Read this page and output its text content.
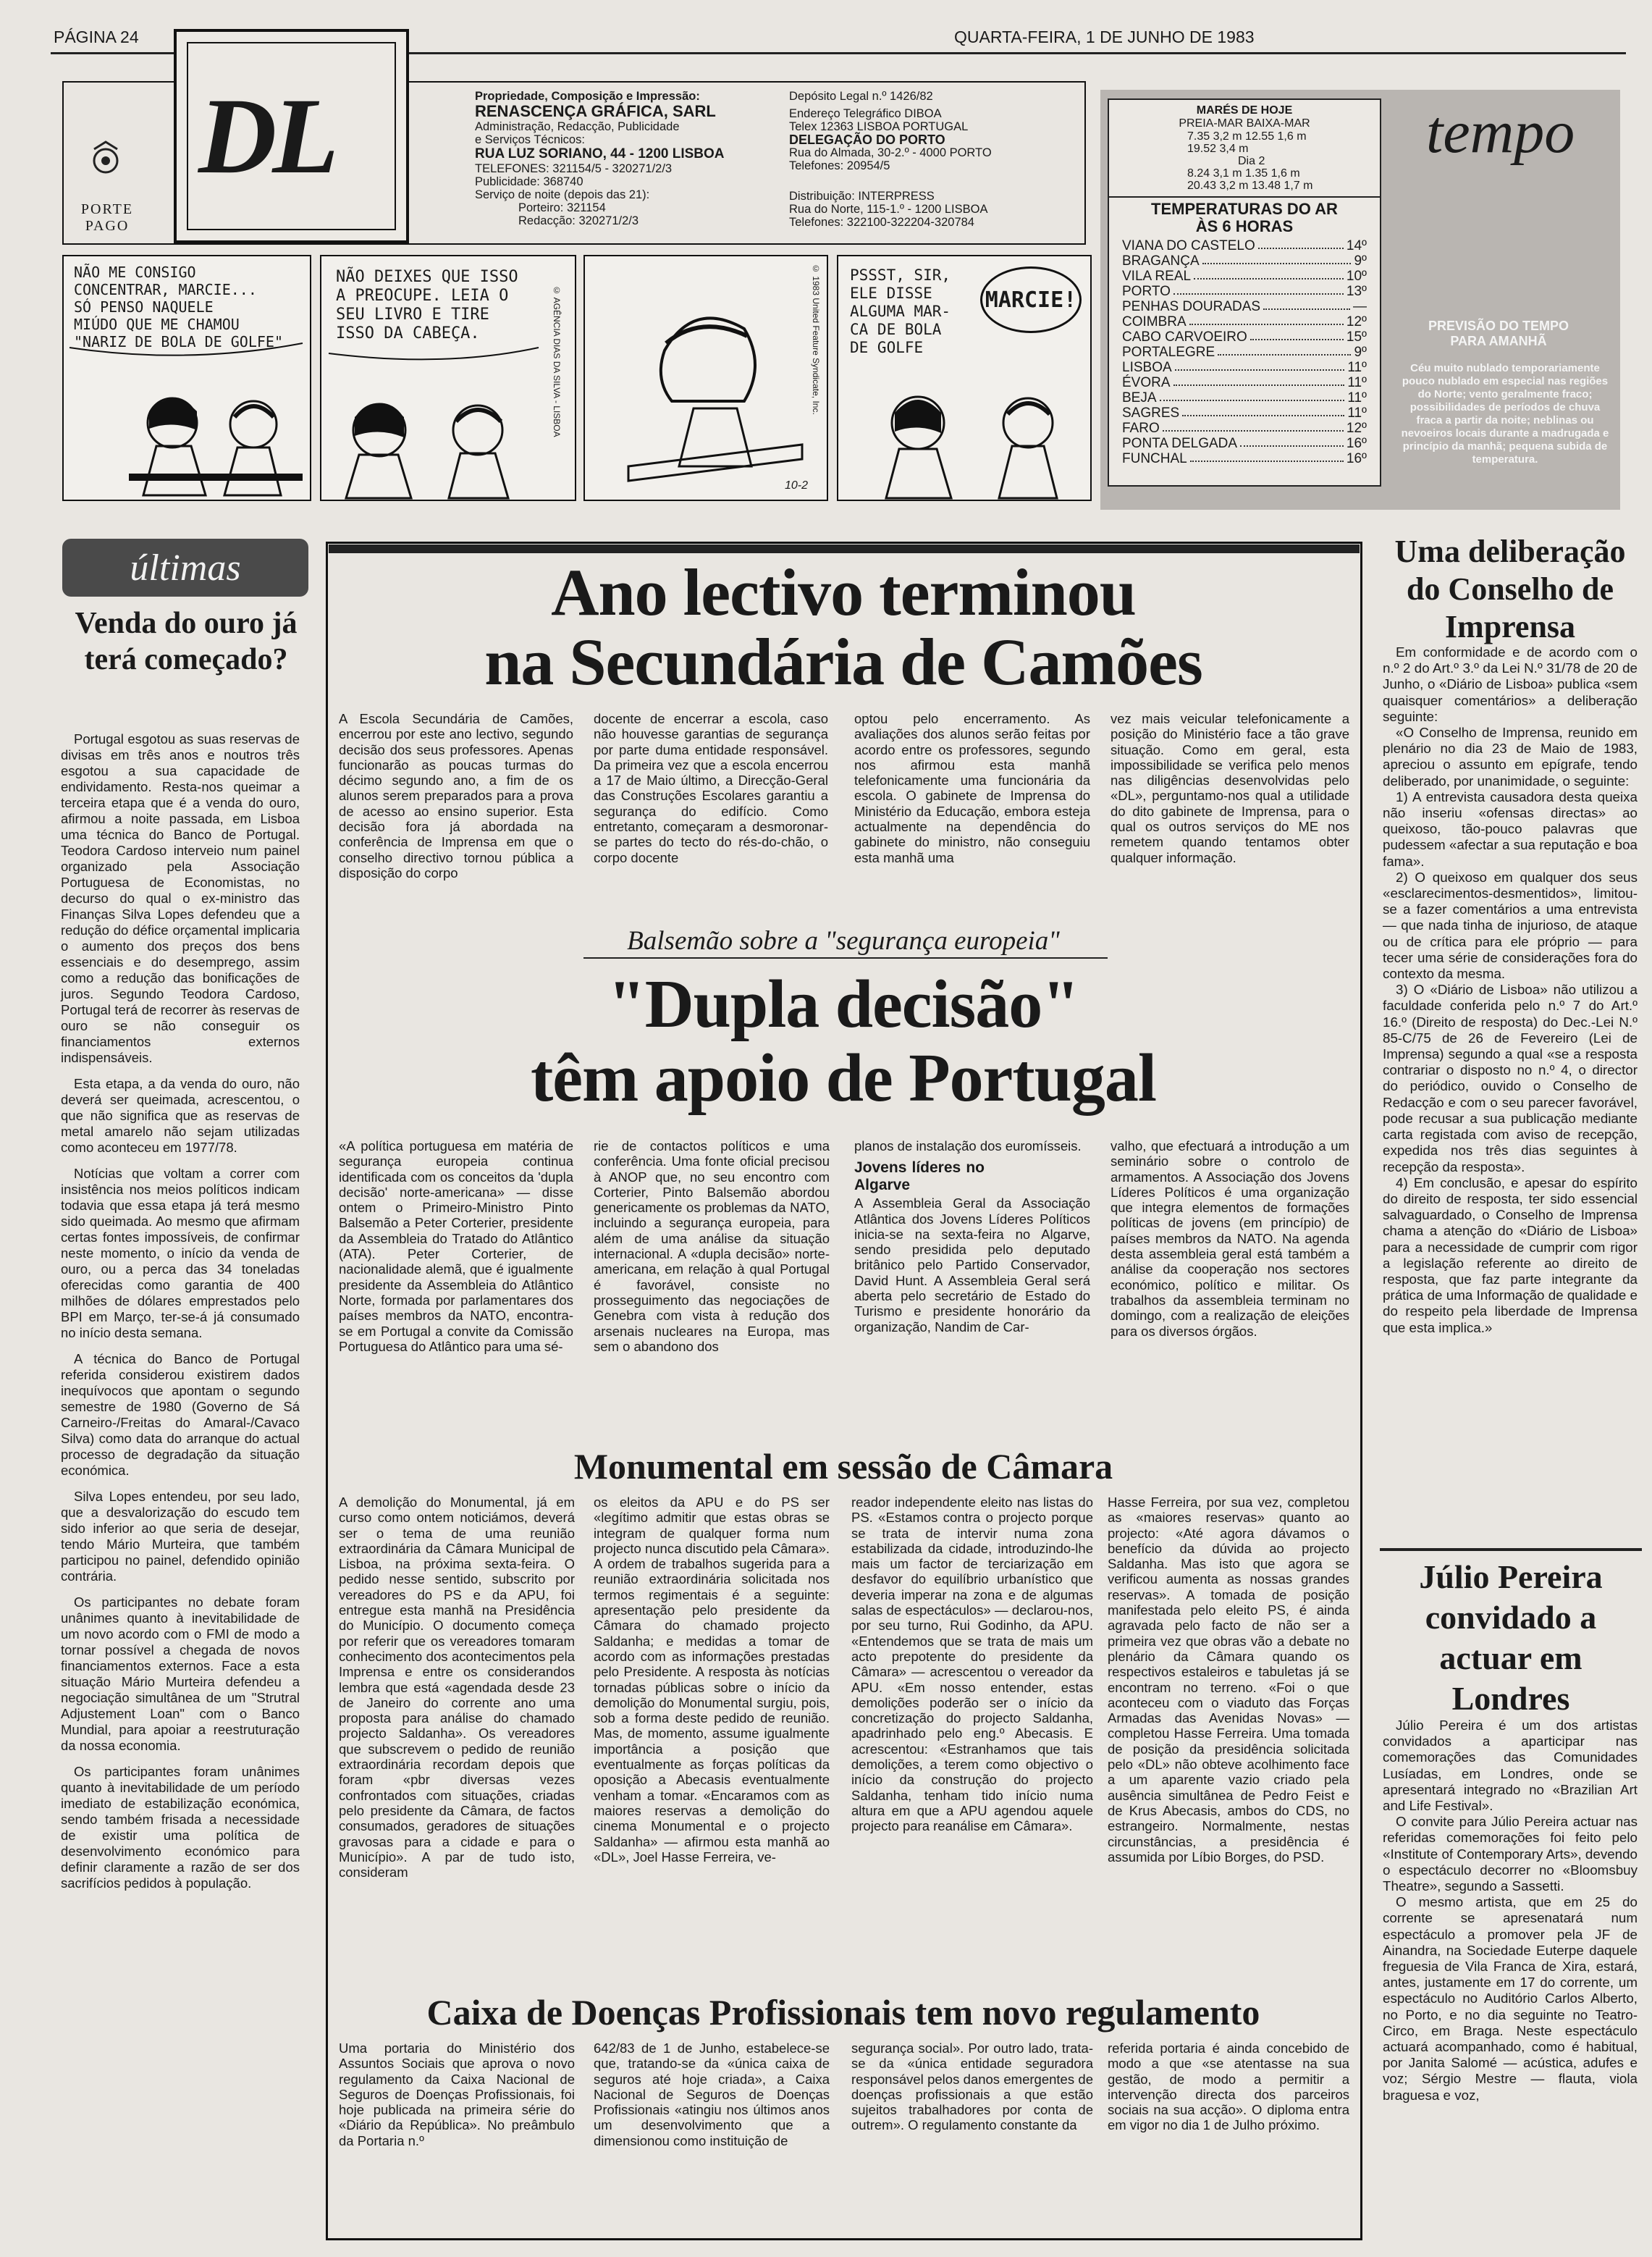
PÁGINA 24	QUARTA-FEIRA, 1 DE JUNHO DE 1983
DL
PORTE
PAGO
Propriedade, Composição e Impressão:
RENASCENÇA GRÁFICA, SARL
Administração, Redacção, Publicidade
e Serviços Técnicos:
RUA LUZ SORIANO, 44 - 1200 LISBOA
TELEFONES: 321154/5 - 320271/2/3
Publicidade: 368740
Serviço de noite (depois das 21):
Porteiro: 321154
Redacção: 320271/2/3
Depósito Legal n.º 1426/82
Endereço Telegráfico DIBOA
Telex 12363 LISBOA PORTUGAL
DELEGAÇÃO DO PORTO
Rua do Almada, 30-2.º - 4000 PORTO
Telefones: 20954/5
Distribuição: INTERPRESS
Rua do Norte, 115-1.º - 1200 LISBOA
Telefones: 322100-322204-320784
NÃO ME CONSIGO
CONCENTRAR, MARCIE...
SÓ PENSO NAQUELE
MIÚDO QUE ME CHAMOU
"NARIZ DE BOLA DE GOLFE"
NÃO DEIXES QUE ISSO
A PREOCUPE. LEIA O
SEU LIVRO E TIRE
ISSO DA CABEÇA.	© AGÊNCIA DIAS DA SILVA - LISBOA	© 1983 United Feature Syndicate, Inc.
10-2
PSSST, SIR,
ELE DISSE
ALGUMA MAR-
CA DE BOLA
DE GOLFE
MARCIE!
MARÉS DE HOJE
PREIA-MAR BAIXA-MAR
7.35 3,2 m 12.55 1,6 m
19.52 3,4 m
Dia 2
8.24 3,1 m 1.35 1,6 m
20.43 3,2 m 13.48 1,7 m
TEMPERATURAS DO AR
ÀS 6 HORAS
VIANA DO CASTELO	14º
BRAGANÇA	9º
VILA REAL	10º
PORTO	13º
PENHAS DOURADAS	—
COIMBRA	12º
CABO CARVOEIRO	15º
PORTALEGRE	9º
LISBOA	11º
ÉVORA	11º
BEJA	11º
SAGRES	11º
FARO	12º
PONTA DELGADA	16º
FUNCHAL	16º
tempo
PREVISÃO DO TEMPO PARA AMANHÃ
Céu muito nublado temporariamente pouco nublado em especial nas regiões do Norte; vento geralmente fraco; possibilidades de períodos de chuva fraca a partir da noite; neblinas ou nevoeiros locais durante a madrugada e princípio da manhã; pequena subida de temperatura.
últimas
Venda do ouro já terá começado?

Portugal esgotou as suas reservas de divisas em três anos e noutros três esgotou a sua capacidade de endividamento. Resta-nos queimar a terceira etapa que é a venda do ouro, afirmou a noite passada, em Lisboa uma técnica do Banco de Portugal. Teodora Cardoso interveio num painel organizado pela Associação Portuguesa de Economistas, no decurso do qual o ex-ministro das Finanças Silva Lopes defendeu que a redução do défice orçamental implicaria o aumento dos preços dos bens essenciais e do desemprego, assim como a redução das bonificações de juros. Segundo Teodora Cardoso, Portugal terá de recorrer às reservas de ouro se não conseguir os financiamentos externos indispensáveis.

Esta etapa, a da venda do ouro, não deverá ser queimada, acrescentou, o que não significa que as reservas de metal amarelo não sejam utilizadas como aconteceu em 1977/78.

Notícias que voltam a correr com insistência nos meios políticos indicam todavia que essa etapa já terá mesmo sido queimada. Ao mesmo que afirmam certas fontes impossíveis, de confirmar neste momento, o início da venda de ouro, ou a perca das 34 toneladas oferecidas como garantia de 400 milhões de dólares emprestados pelo BPI em Março, ter-se-á já consumado no início desta semana.

A técnica do Banco de Portugal referida considerou existirem dados inequívocos que apontam o segundo semestre de 1980 (Governo de Sá Carneiro-/Freitas do Amaral-/Cavaco Silva) como data do arranque do actual processo de degradação da situação económica.

Silva Lopes entendeu, por seu lado, que a desvalorização do escudo tem sido inferior ao que seria de desejar, tendo Mário Murteira, que também participou no painel, defendido opinião contrária.

Os participantes no debate foram unânimes quanto à inevitabilidade de um novo acordo com o FMI de modo a tornar possível a chegada de novos financiamentos externos. Face a esta situação Mário Murteira defendeu a negociação simultânea de um "Strutral Adjustement Loan" com o Banco Mundial, para apoiar a reestruturação da nossa economia.

Os participantes foram unânimes quanto à inevitabilidade de um período imediato de estabilização económica, sendo também frisada a necessidade de existir uma política de desenvolvimento económico para definir claramente a razão de ser dos sacrifícios pedidos à população.

Ano lectivo terminou
na Secundária de Camões
A Escola Secundária de Camões, encerrou por este ano lectivo, segundo decisão dos seus professores. Apenas funcionarão as poucas turmas do décimo segundo ano, a fim de os alunos serem preparados para a prova de acesso ao ensino superior. Esta decisão fora já abordada na conferência de Imprensa em que o conselho directivo tornou pública a disposição do corpo
docente de encerrar a escola, caso não houvesse garantias de segurança por parte duma entidade responsável. Da primeira vez que a escola encerrou a 17 de Maio último, a Direcção-Geral das Construções Escolares garantiu a segurança do edifício. Como entretanto, começaram a desmoronar-se partes do tecto do rés-do-chão, o corpo docente
optou pelo encerramento. As avaliações dos alunos serão feitas por acordo entre os professores, segundo nos afirmou esta manhã telefonicamente uma funcionária da escola. O gabinete de Imprensa do Ministério da Educação, embora esteja actualmente na dependência do gabinete do ministro, não conseguiu esta manhã uma
vez mais veicular telefonicamente a posição do Ministério face a tão grave situação. Como em geral, esta impossibilidade se verifica pelo menos nas diligências desenvolvidas pelo «DL», perguntamo-nos qual a utilidade do dito gabinete de Imprensa, para o qual os outros serviços do ME nos remetem quando tentamos obter qualquer informação.
Balsemão sobre a "segurança europeia"
"Dupla decisão"
têm apoio de Portugal
«A política portuguesa em matéria de segurança europeia continua identificada com os conceitos da 'dupla decisão' norte-americana» — disse ontem o Primeiro-Ministro Pinto Balsemão a Peter Corterier, presidente da Assembleia do Tratado do Atlântico (ATA). Peter Corterier, de nacionalidade alemã, que é igualmente presidente da Assembleia do Atlântico Norte, formada por parlamentares dos países membros da NATO, encontra-se em Portugal a convite da Comissão Portuguesa do Atlântico para uma sé-
rie de contactos políticos e uma conferência. Uma fonte oficial precisou à ANOP que, no seu encontro com Corterier, Pinto Balsemão abordou genericamente os problemas da NATO, incluindo a segurança europeia, para além de uma análise da situação internacional. A «dupla decisão» norte-americana, em relação à qual Portugal é favorável, consiste no prosseguimento das negociações de Genebra com vista à redução dos arsenais nucleares na Europa, mas sem o abandono dos
planos de instalação dos euromísseis.
Jovens líderes no Algarve
A Assembleia Geral da Associação Atlântica dos Jovens Líderes Políticos inicia-se na sexta-feira no Algarve, sendo presidida pelo deputado britânico pelo Partido Conservador, David Hunt. A Assembleia Geral será aberta pelo secretário de Estado do Turismo e presidente honorário da organização, Nandim de Car-
valho, que efectuará a introdução a um seminário sobre o controlo de armamentos. A Associação dos Jovens Líderes Políticos é uma organização que integra elementos de formações políticas de jovens (em princípio) de países membros da NATO. Na agenda desta assembleia geral está também a análise da cooperação nos sectores económico, político e militar. Os trabalhos da assembleia terminam no domingo, com a realização de eleições para os diversos órgãos.
Monumental em sessão de Câmara
A demolição do Monumental, já em curso como ontem noticiámos, deverá ser o tema de uma reunião extraordinária da Câmara Municipal de Lisboa, na próxima sexta-feira. O pedido nesse sentido, subscrito por vereadores do PS e da APU, foi entregue esta manhã na Presidência do Município. O documento começa por referir que os vereadores tomaram conhecimento dos acontecimentos pela Imprensa e entre os considerandos lembra que está «agendada desde 23 de Janeiro do corrente ano uma proposta para análise do chamado projecto Saldanha». Os vereadores que subscrevem o pedido de reunião extraordinária recordam depois que foram «pbr diversas vezes confrontados com situações, criadas pelo presidente da Câmara, de factos consumados, geradores de situações gravosas para a cidade e para o Município». A par de tudo isto, consideram
os eleitos da APU e do PS ser «legítimo admitir que estas obras se integram de qualquer forma num projecto nunca discutido pela Câmara». A ordem de trabalhos sugerida para a reunião extraordinária solicitada nos termos regimentais é a seguinte: apresentação pelo presidente da Câmara do chamado projecto Saldanha; e medidas a tomar de acordo com as informações prestadas pelo Presidente. A resposta às notícias tornadas públicas sobre o início da demolição do Monumental surgiu, pois, sob a forma deste pedido de reunião. Mas, de momento, assume igualmente importância a posição que eventualmente as forças políticas da oposição a Abecasis eventualmente venham a tomar. «Encaramos com as maiores reservas a demolição do cinema Monumental e o projecto Saldanha» — afirmou esta manhã ao «DL», Joel Hasse Ferreira, ve-
reador independente eleito nas listas do PS. «Estamos contra o projecto porque se trata de intervir numa zona estabilizada da cidade, introduzindo-lhe mais um factor de terciarização em desfavor do equilíbrio urbanístico que deveria imperar na zona e de algumas salas de espectáculos» — declarou-nos, por seu turno, Rui Godinho, da APU. «Entendemos que se trata de mais um acto prepotente do presidente da Câmara» — acrescentou o vereador da APU. «Em nosso entender, estas demolições poderão ser o início da concretização do projecto Saldanha, apadrinhado pelo eng.º Abecasis. E acrescentou: «Estranhamos que tais demolições, a terem como objectivo o início da construção do projecto Saldanha, tenham tido início numa altura em que a APU agendou aquele projecto para reanálise em Câmara».
Hasse Ferreira, por sua vez, completou as «maiores reservas» quanto ao projecto: «Até agora dávamos o benefício da dúvida ao projecto Saldanha. Mas isto que agora se verificou aumenta as nossas grandes reservas». A tomada de posição manifestada pelo eleito PS, é ainda agravada pelo facto de não ser a primeira vez que obras vão a debate no plenário da Câmara quando os respectivos estaleiros e tabuletas já se encontram no terreno. «Foi o que aconteceu com o viaduto das Forças Armadas das Avenidas Novas» — completou Hasse Ferreira. Uma tomada de posição da presidência solicitada pelo «DL» não obteve acolhimento face a um aparente vazio criado pela ausência simultânea de Pedro Feist e de Krus Abecasis, ambos do CDS, no estrangeiro. Normalmente, nestas circunstâncias, a presidência é assumida por Líbio Borges, do PSD.
Caixa de Doenças Profissionais tem novo regulamento
Uma portaria do Ministério dos Assuntos Sociais que aprova o novo regulamento da Caixa Nacional de Seguros de Doenças Profissionais, foi hoje publicada na primeira série do «Diário da República». No preâmbulo da Portaria n.º
642/83 de 1 de Junho, estabelece-se que, tratando-se da «única caixa de seguros até hoje criada», a Caixa Nacional de Seguros de Doenças Profissionais «atingiu nos últimos anos um desenvolvimento que a dimensionou como instituição de
segurança social». Por outro lado, trata-se da «única entidade seguradora responsável pelos danos emergentes de doenças profissionais a que estão sujeitos trabalhadores por conta de outrem». O regulamento constante da
referida portaria é ainda concebido de modo a que «se atentasse na sua gestão, de modo a permitir a intervenção directa dos parceiros sociais na sua acção». O diploma entra em vigor no dia 1 de Julho próximo.
Uma deliberação do Conselho de Imprensa

Em conformidade e de acordo com o n.º 2 do Art.º 3.º da Lei N.º 31/78 de 20 de Junho, o «Diário de Lisboa» publica «sem quaisquer comentários» a deliberação seguinte:

«O Conselho de Imprensa, reunido em plenário no dia 23 de Maio de 1983, apreciou o assunto em epígrafe, tendo deliberado, por unanimidade, o seguinte:

1) A entrevista causadora desta queixa não inseriu «ofensas directas» ao queixoso, tão-pouco palavras que pudessem «afectar a sua reputação e boa fama».

2) O queixoso em qualquer dos seus «esclarecimentos-desmentidos», limitou-se a fazer comentários a uma entrevista — que nada tinha de injurioso, de ataque ou de crítica para ele próprio — para tecer uma série de considerações fora do contexto da mesma.

3) O «Diário de Lisboa» não utilizou a faculdade conferida pelo n.º 7 do Art.º 16.º (Direito de resposta) do Dec.-Lei N.º 85-C/75 de 26 de Fevereiro (Lei de Imprensa) segundo a qual «se a resposta contrariar o disposto no n.º 4, o director do periódico, ouvido o Conselho de Redacção e com o seu parecer favorável, pode recusar a sua publicação mediante carta registada com aviso de recepção, expedida nos três dias seguintes à recepção da resposta».

4) Em conclusão, e apesar do espírito do direito de resposta, ter sido essencial salvaguardado, o Conselho de Imprensa chama a atenção do «Diário de Lisboa» para a necessidade de cumprir com rigor a legislação referente ao direito de resposta, que faz parte integrante da prática de uma Informação de qualidade e do respeito pela liberdade de Imprensa que esta implica.»

Júlio Pereira convidado a actuar em Londres

Júlio Pereira é um dos artistas convidados a aparticipar nas comemorações das Comunidades Lusíadas, em Londres, onde se apresentará integrado no «Brazilian Art and Life Festival».

O convite para Júlio Pereira actuar nas referidas comemorações foi feito pelo «Institute of Contemporary Arts», devendo o espectáculo decorrer no «Bloomsbuy Theatre», segundo a Sassetti.

O mesmo artista, que em 25 do corrente se apresenatará num espectáculo a promover pela JF de Ainandra, na Sociedade Euterpe daquele freguesia de Vila Franca de Xira, estará, antes, justamente em 17 do corrente, um espectáculo no Auditório Carlos Alberto, no Porto, e no dia seguinte no Teatro-Circo, em Braga. Neste espectáculo actuará acompanhado, como é habitual, por Janita Salomé — acústica, adufes e voz; Sérgio Mestre — flauta, viola braguesa e voz,
